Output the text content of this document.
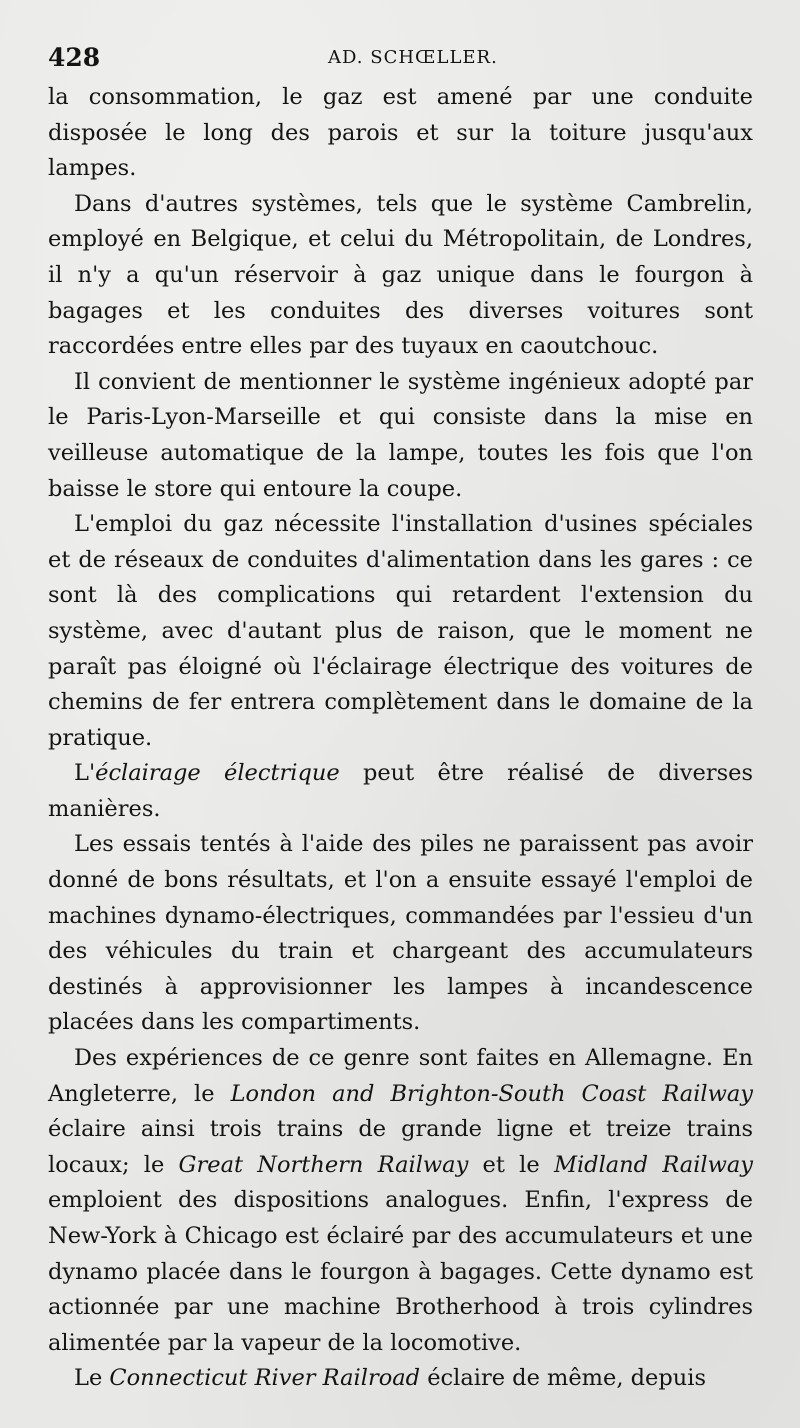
428	AD. SCHŒLLER.

la consommation, le gaz est amené par une conduite disposée le long des parois et sur la toiture jusqu'aux lampes.

Dans d'autres systèmes, tels que le système Cambrelin, employé en Belgique, et celui du Métropolitain, de Londres, il n'y a qu'un réservoir à gaz unique dans le fourgon à bagages et les conduites des diverses voitures sont raccordées entre elles par des tuyaux en caoutchouc.

Il convient de mentionner le système ingénieux adopté par le Paris-Lyon-Marseille et qui consiste dans la mise en veilleuse automatique de la lampe, toutes les fois que l'on baisse le store qui entoure la coupe.

L'emploi du gaz nécessite l'installation d'usines spéciales et de réseaux de conduites d'alimentation dans les gares : ce sont là des complications qui retardent l'extension du système, avec d'autant plus de raison, que le moment ne paraît pas éloigné où l'éclairage électrique des voitures de chemins de fer entrera complètement dans le domaine de la pratique.

L'éclairage électrique peut être réalisé de diverses manières.

Les essais tentés à l'aide des piles ne paraissent pas avoir donné de bons résultats, et l'on a ensuite essayé l'emploi de machines dynamo-électriques, commandées par l'essieu d'un des véhicules du train et chargeant des accumulateurs destinés à approvisionner les lampes à incandescence placées dans les compartiments.

Des expériences de ce genre sont faites en Allemagne. En Angleterre, le London and Brighton-South Coast Railway éclaire ainsi trois trains de grande ligne et treize trains locaux; le Great Northern Railway et le Midland Railway emploient des dispositions analogues. Enfin, l'express de New-York à Chicago est éclairé par des accumulateurs et une dynamo placée dans le fourgon à bagages. Cette dynamo est actionnée par une machine Brotherhood à trois cylindres alimentée par la vapeur de la locomotive.

Le Connecticut River Railroad éclaire de même, depuis
